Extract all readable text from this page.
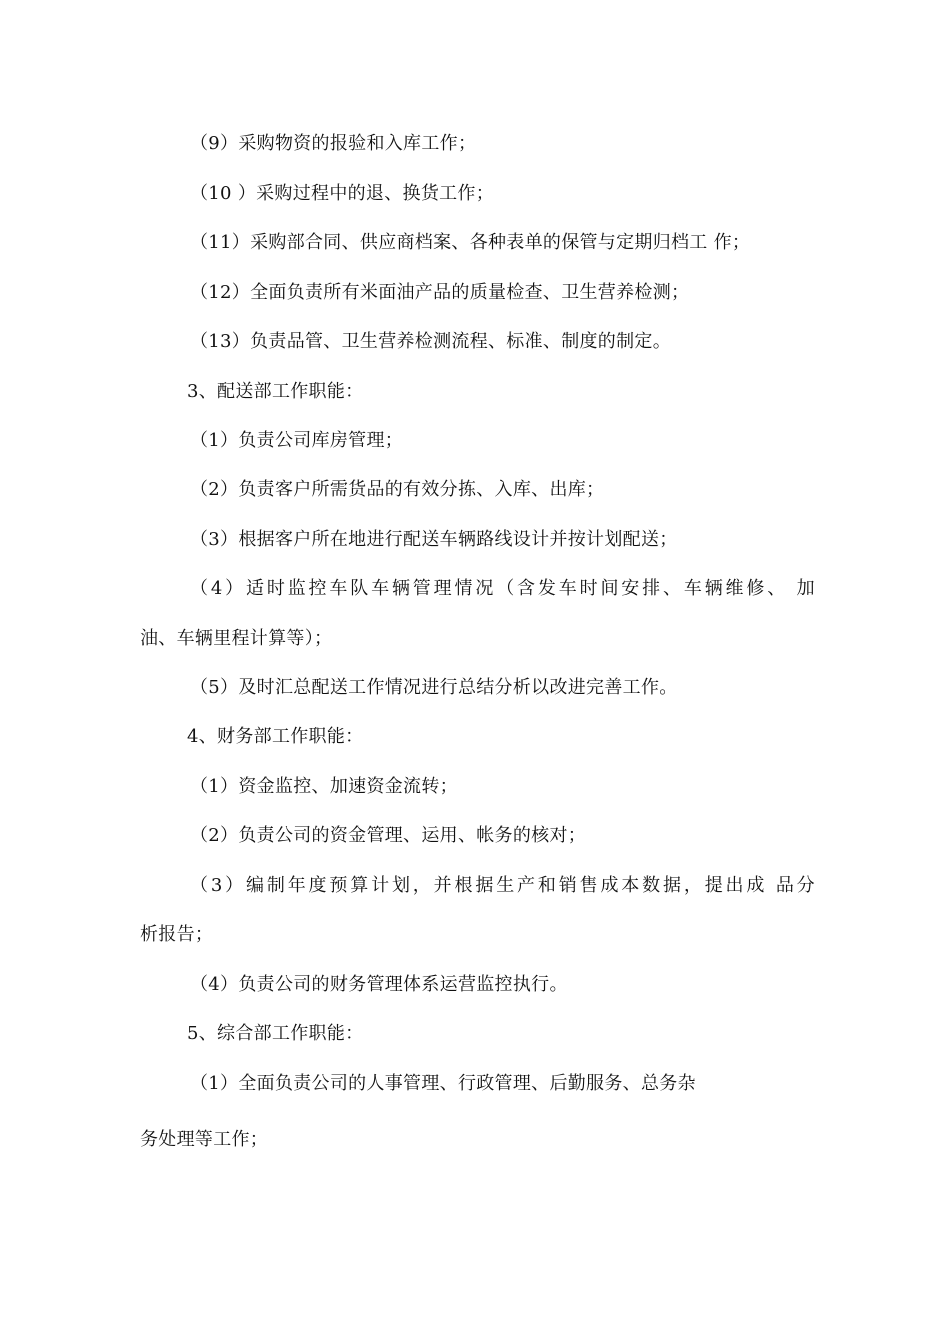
（9）采购物资的报验和入库工作；
（10 ）采购过程中的退、换货工作；
（11）采购部合同、供应商档案、各种表单的保管与定期归档工 作；
（12）全面负责所有米面油产品的质量检查、卫生营养检测；
（13）负责品管、卫生营养检测流程、标准、制度的制定。
3、配送部工作职能：
（1）负责公司库房管理；
（2）负责客户所需货品的有效分拣、入库、出库；
（3）根据客户所在地进行配送车辆路线设计并按计划配送；
（4）适时监控车队车辆管理情况（含发车时间安排、车辆维修、 加
油、车辆里程计算等）；
（5）及时汇总配送工作情况进行总结分析以改进完善工作。
4、财务部工作职能：
（1）资金监控、加速资金流转；
（2）负责公司的资金管理、运用、帐务的核对；
（3）编制年度预算计划，并根据生产和销售成本数据，提出成 品分
析报告；
（4）负责公司的财务管理体系运营监控执行。
5、综合部工作职能：
（1）全面负责公司的人事管理、行政管理、后勤服务、总务杂
务处理等工作；
